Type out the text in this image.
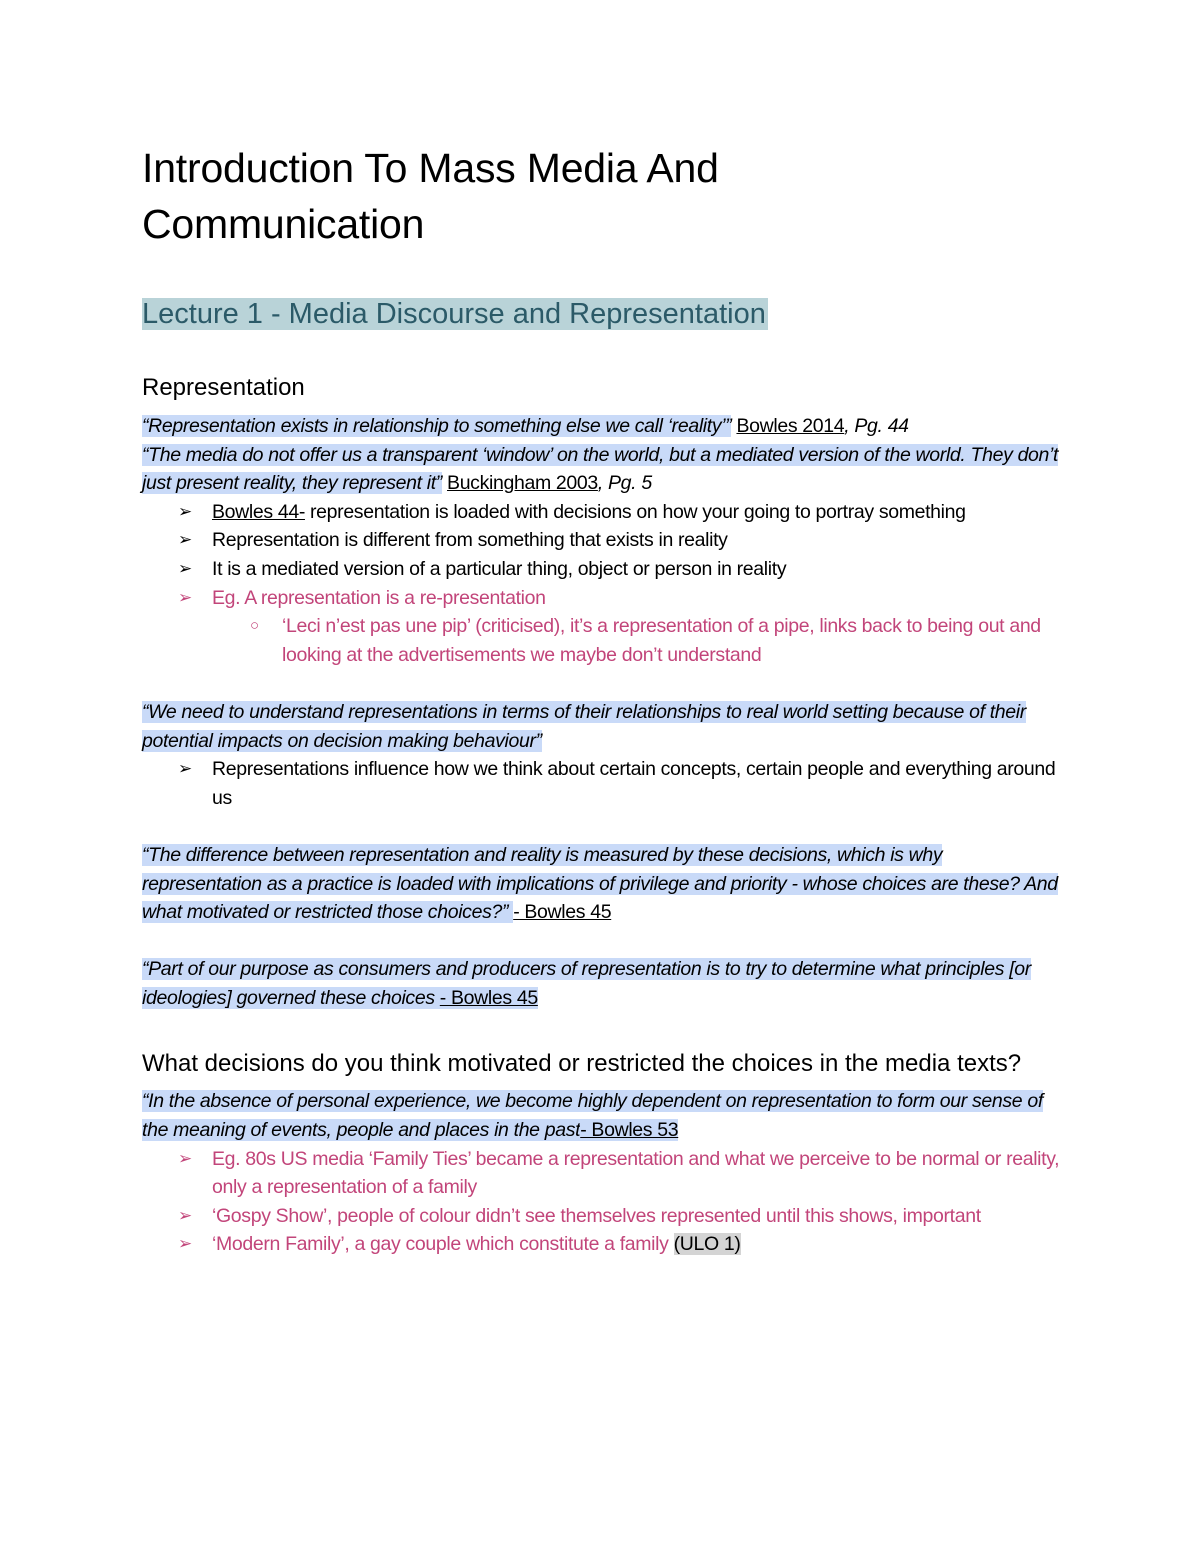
Introduction To Mass Media And
Communication
Lecture 1 - Media Discourse and Representation
Representation

“Representation exists in relationship to something else we call ‘reality’” Bowles 2014, Pg. 44

“The media do not offer us a transparent ‘window’ on the world, but a mediated version of the world. They don’t just present reality, they represent it” Buckingham 2003, Pg. 5

➢ Bowles 44- representation is loaded with decisions on how your going to portray something
➢ Representation is different from something that exists in reality
➢ It is a mediated version of a particular thing, object or person in reality
➢ Eg. A representation is a re-presentation
○ ‘Leci n’est pas une pip’ (criticised), it’s a representation of a pipe, links back to being out and looking at the advertisements we maybe don’t understand

“We need to understand representations in terms of their relationships to real world setting because of their potential impacts on decision making behaviour”

➢ Representations influence how we think about certain concepts, certain people and everything around us

“The difference between representation and reality is measured by these decisions, which is why representation as a practice is loaded with implications of privilege and priority - whose choices are these? And what motivated or restricted those choices?” - Bowles 45

“Part of our purpose as consumers and producers of representation is to try to determine what principles [or ideologies] governed these choices - Bowles 45

What decisions do you think motivated or restricted the choices in the media texts?

“In the absence of personal experience, we become highly dependent on representation to form our sense of the meaning of events, people and places in the past- Bowles 53

➢ Eg. 80s US media ‘Family Ties’ became a representation and what we perceive to be normal or reality, only a representation of a family
➢ ‘Gospy Show’, people of colour didn’t see themselves represented until this shows, important
➢ ‘Modern Family’, a gay couple which constitute a family (ULO 1)
